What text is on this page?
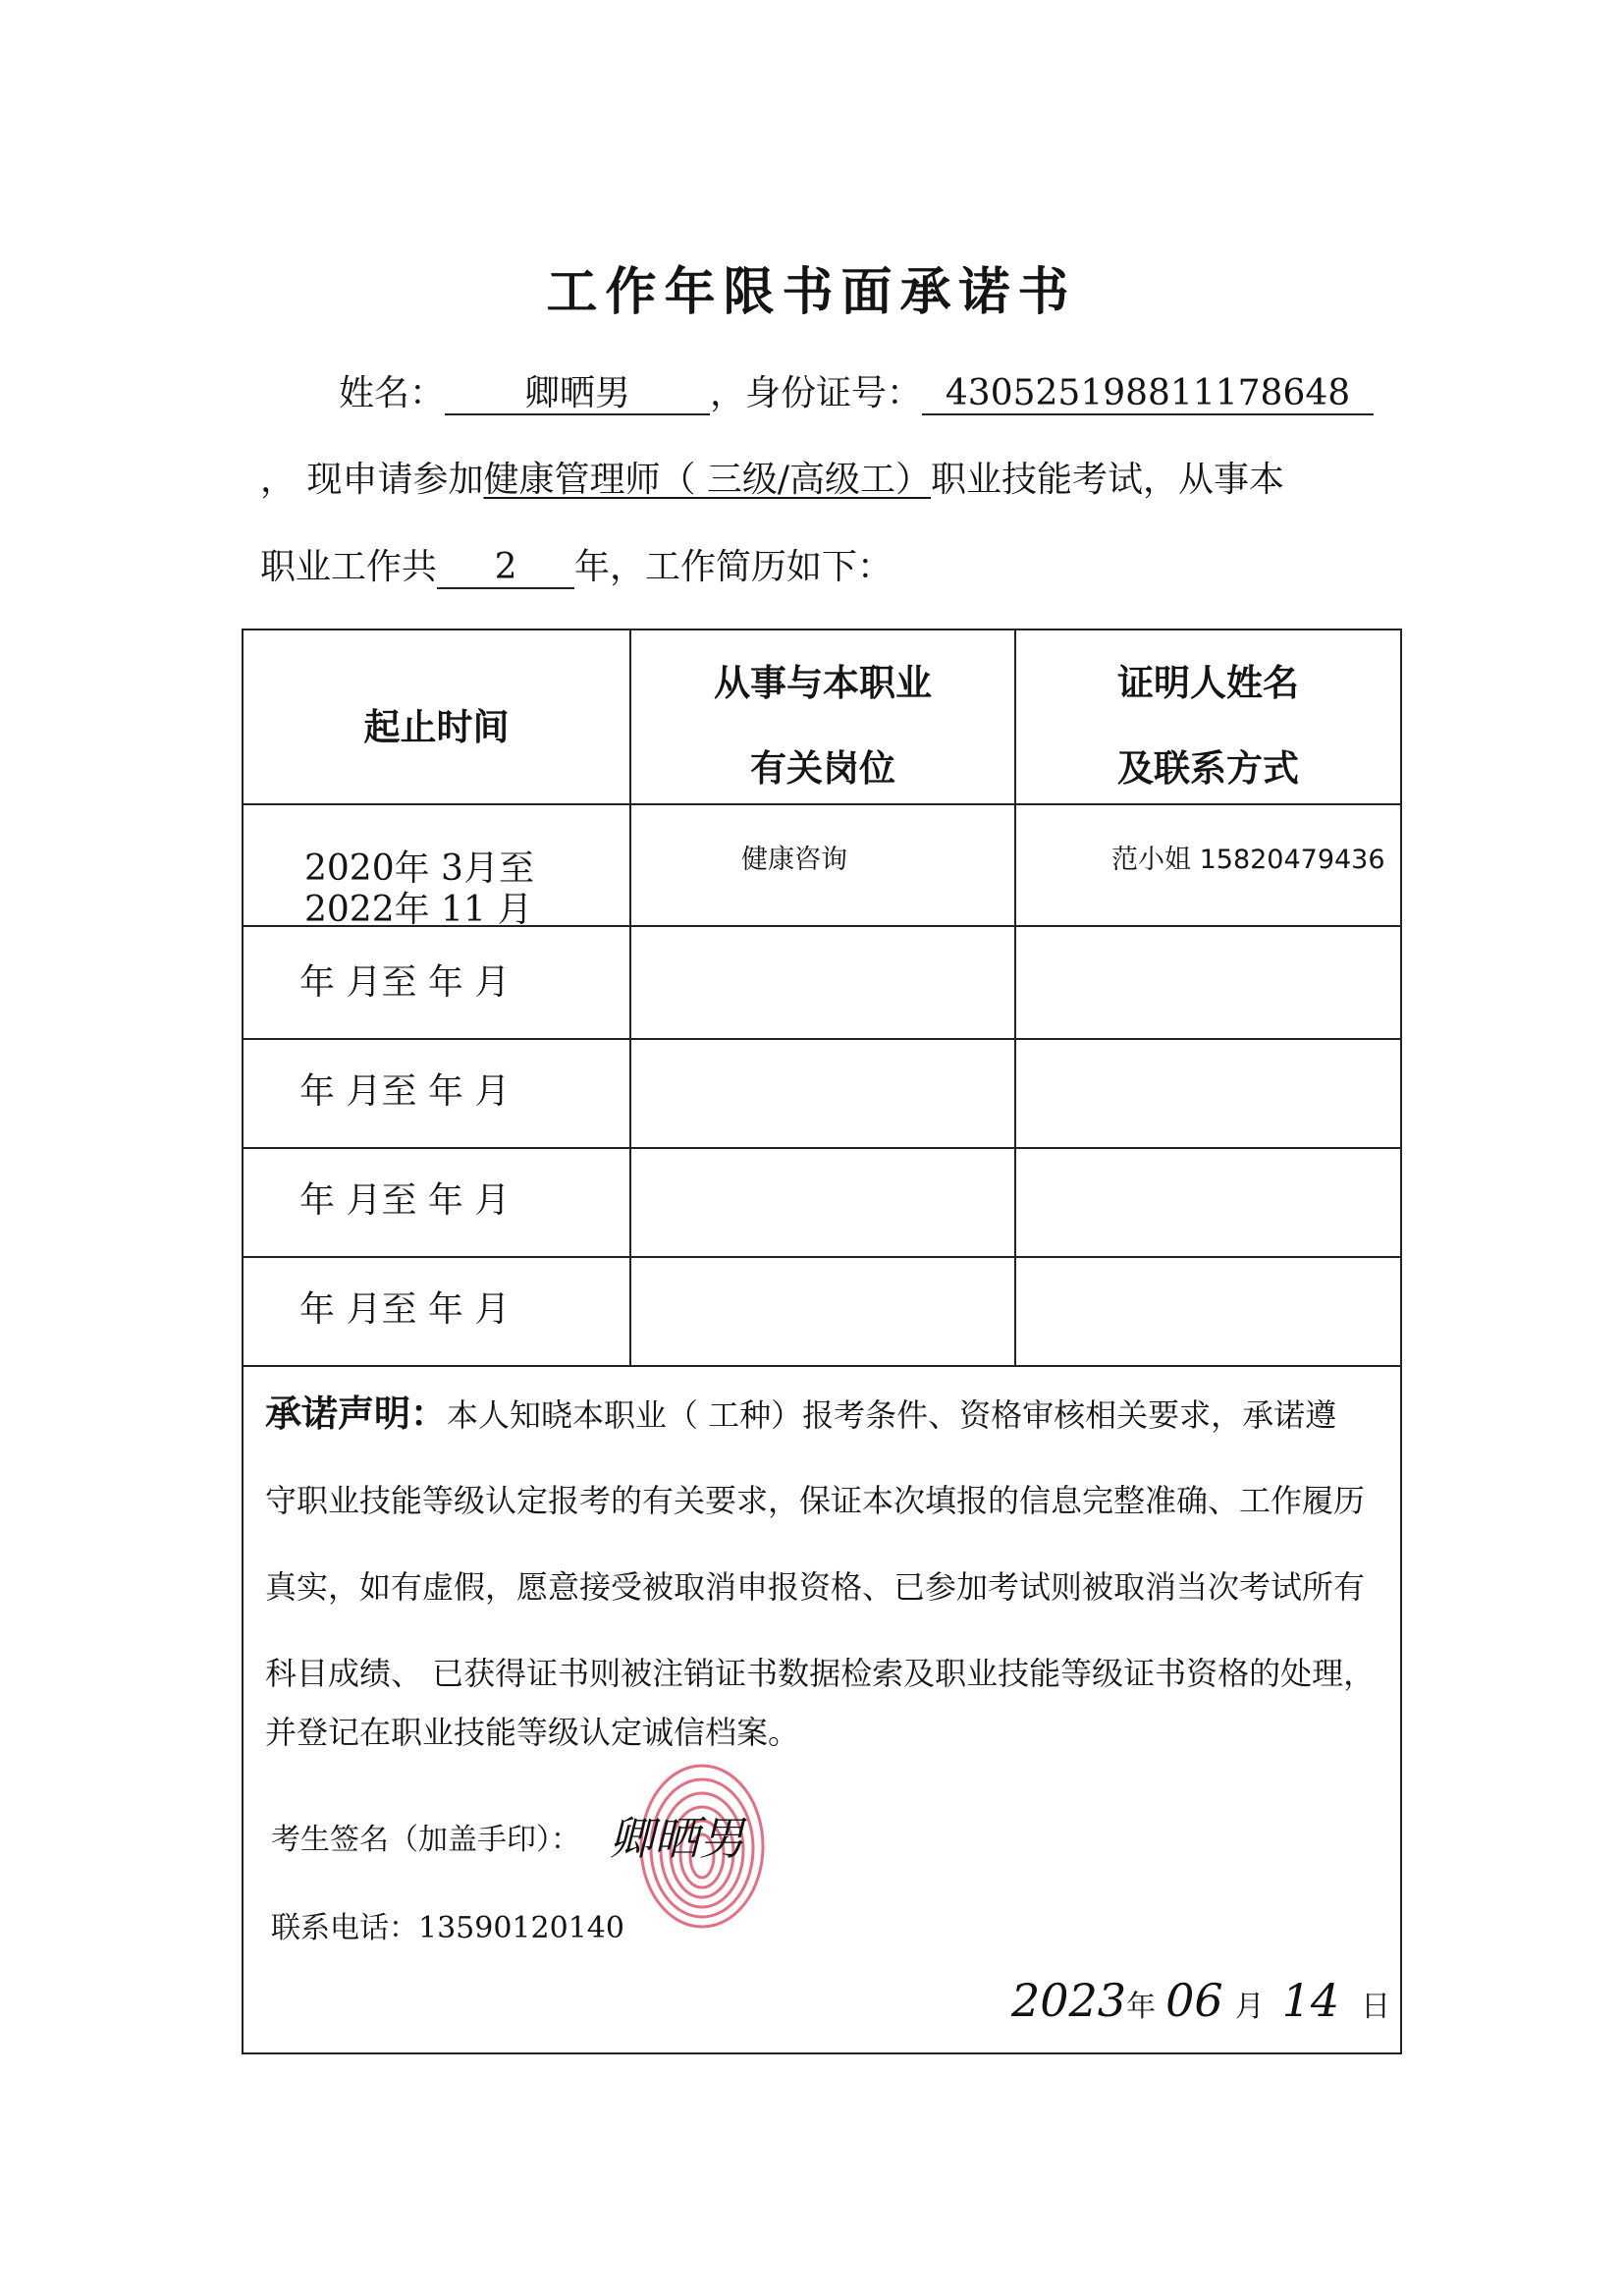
工作年限书面承诺书
姓名： 卿晒男 ，身份证号： 430525198811178648
， 现申请参加健康管理师（ 三级/高级工）职业技能考试，从事本
职业工作共 2 年，工作简历如下：
起止时间
从事与本职业
有关岗位
证明人姓名
及联系方式
2020年 3月至
2022年 11 月
健康咨询	范小姐 15820479436
年 月至 年 月
年 月至 年 月
年 月至 年 月
年 月至 年 月
承诺声明：本人知晓本职业（ 工种）报考条件、资格审核相关要求，承诺遵
守职业技能等级认定报考的有关要求，保证本次填报的信息完整准确、工作履历
真实，如有虚假，愿意接受被取消申报资格、已参加考试则被取消当次考试所有
科目成绩、 已获得证书则被注销证书数据检索及职业技能等级证书资格的处理，
并登记在职业技能等级认定诚信档案。
考生签名（加盖手印）： 卿晒男
联系电话：13590120140
2023年 06 月 14 日
